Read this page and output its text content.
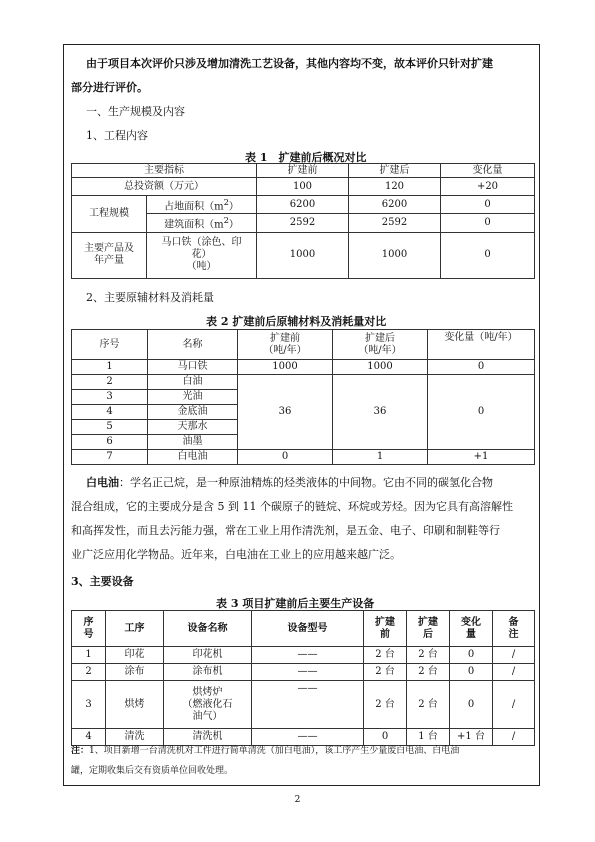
由于项目本次评价只涉及增加清洗工艺设备，其他内容均不变，故本评价只针对扩建
部分进行评价。
一、生产规模及内容
1、工程内容
表 1　扩建前后概况对比
主要指标		扩建前	扩建后	变化量
总投资额（万元）		100	120	+20
工程规模	占地面积$(m^2)$	6200	6200	0
	建筑面积$(m^2)$	2592	2592	0
主要产品及
年产量	马口铁（涂色、印
花）
（吨）	1000	1000	0
2、主要原辅材料及消耗量
表 2 扩建前后原辅材料及消耗量对比
序号	名称	扩建前
（吨/年）	扩建后
（吨/年）	变化量（吨/年）
1	马口铁	1000	1000	0
2	白油	36	36	0
3	光油			
4	金底油			
5	天那水			
6	油墨			
7	白电油	0	1	+1
白电油：学名正己烷，是一种原油精炼的烃类液体的中间物。它由不同的碳氢化合物
混合组成，它的主要成分是含 5 到 11 个碳原子的链烷、环烷或芳烃。因为它具有高溶解性
和高挥发性，而且去污能力强，常在工业上用作清洗剂，是五金、电子、印刷和制鞋等行
业广泛应用化学物品。近年来，白电油在工业上的应用越来越广泛。
3、主要设备
表 3 项目扩建前后主要生产设备
序
号	工序	设备名称	设备型号	扩建
前	扩建
后	变化
量	备
注
1	印花	印花机	——	2 台	2 台	0	/
2	涂布	涂布机	——	2 台	2 台	0	/
3	烘烤	烘烤炉
（燃液化石
油气）	——	2 台	2 台	0	/
4	清洗	清洗机	——	0	1 台	+1 台	/
注：1、项目新增一台清洗机对工件进行简单清洗（加白电油），该工序产生少量废白电油、白电油
罐，定期收集后交有资质单位回收处理。
2
